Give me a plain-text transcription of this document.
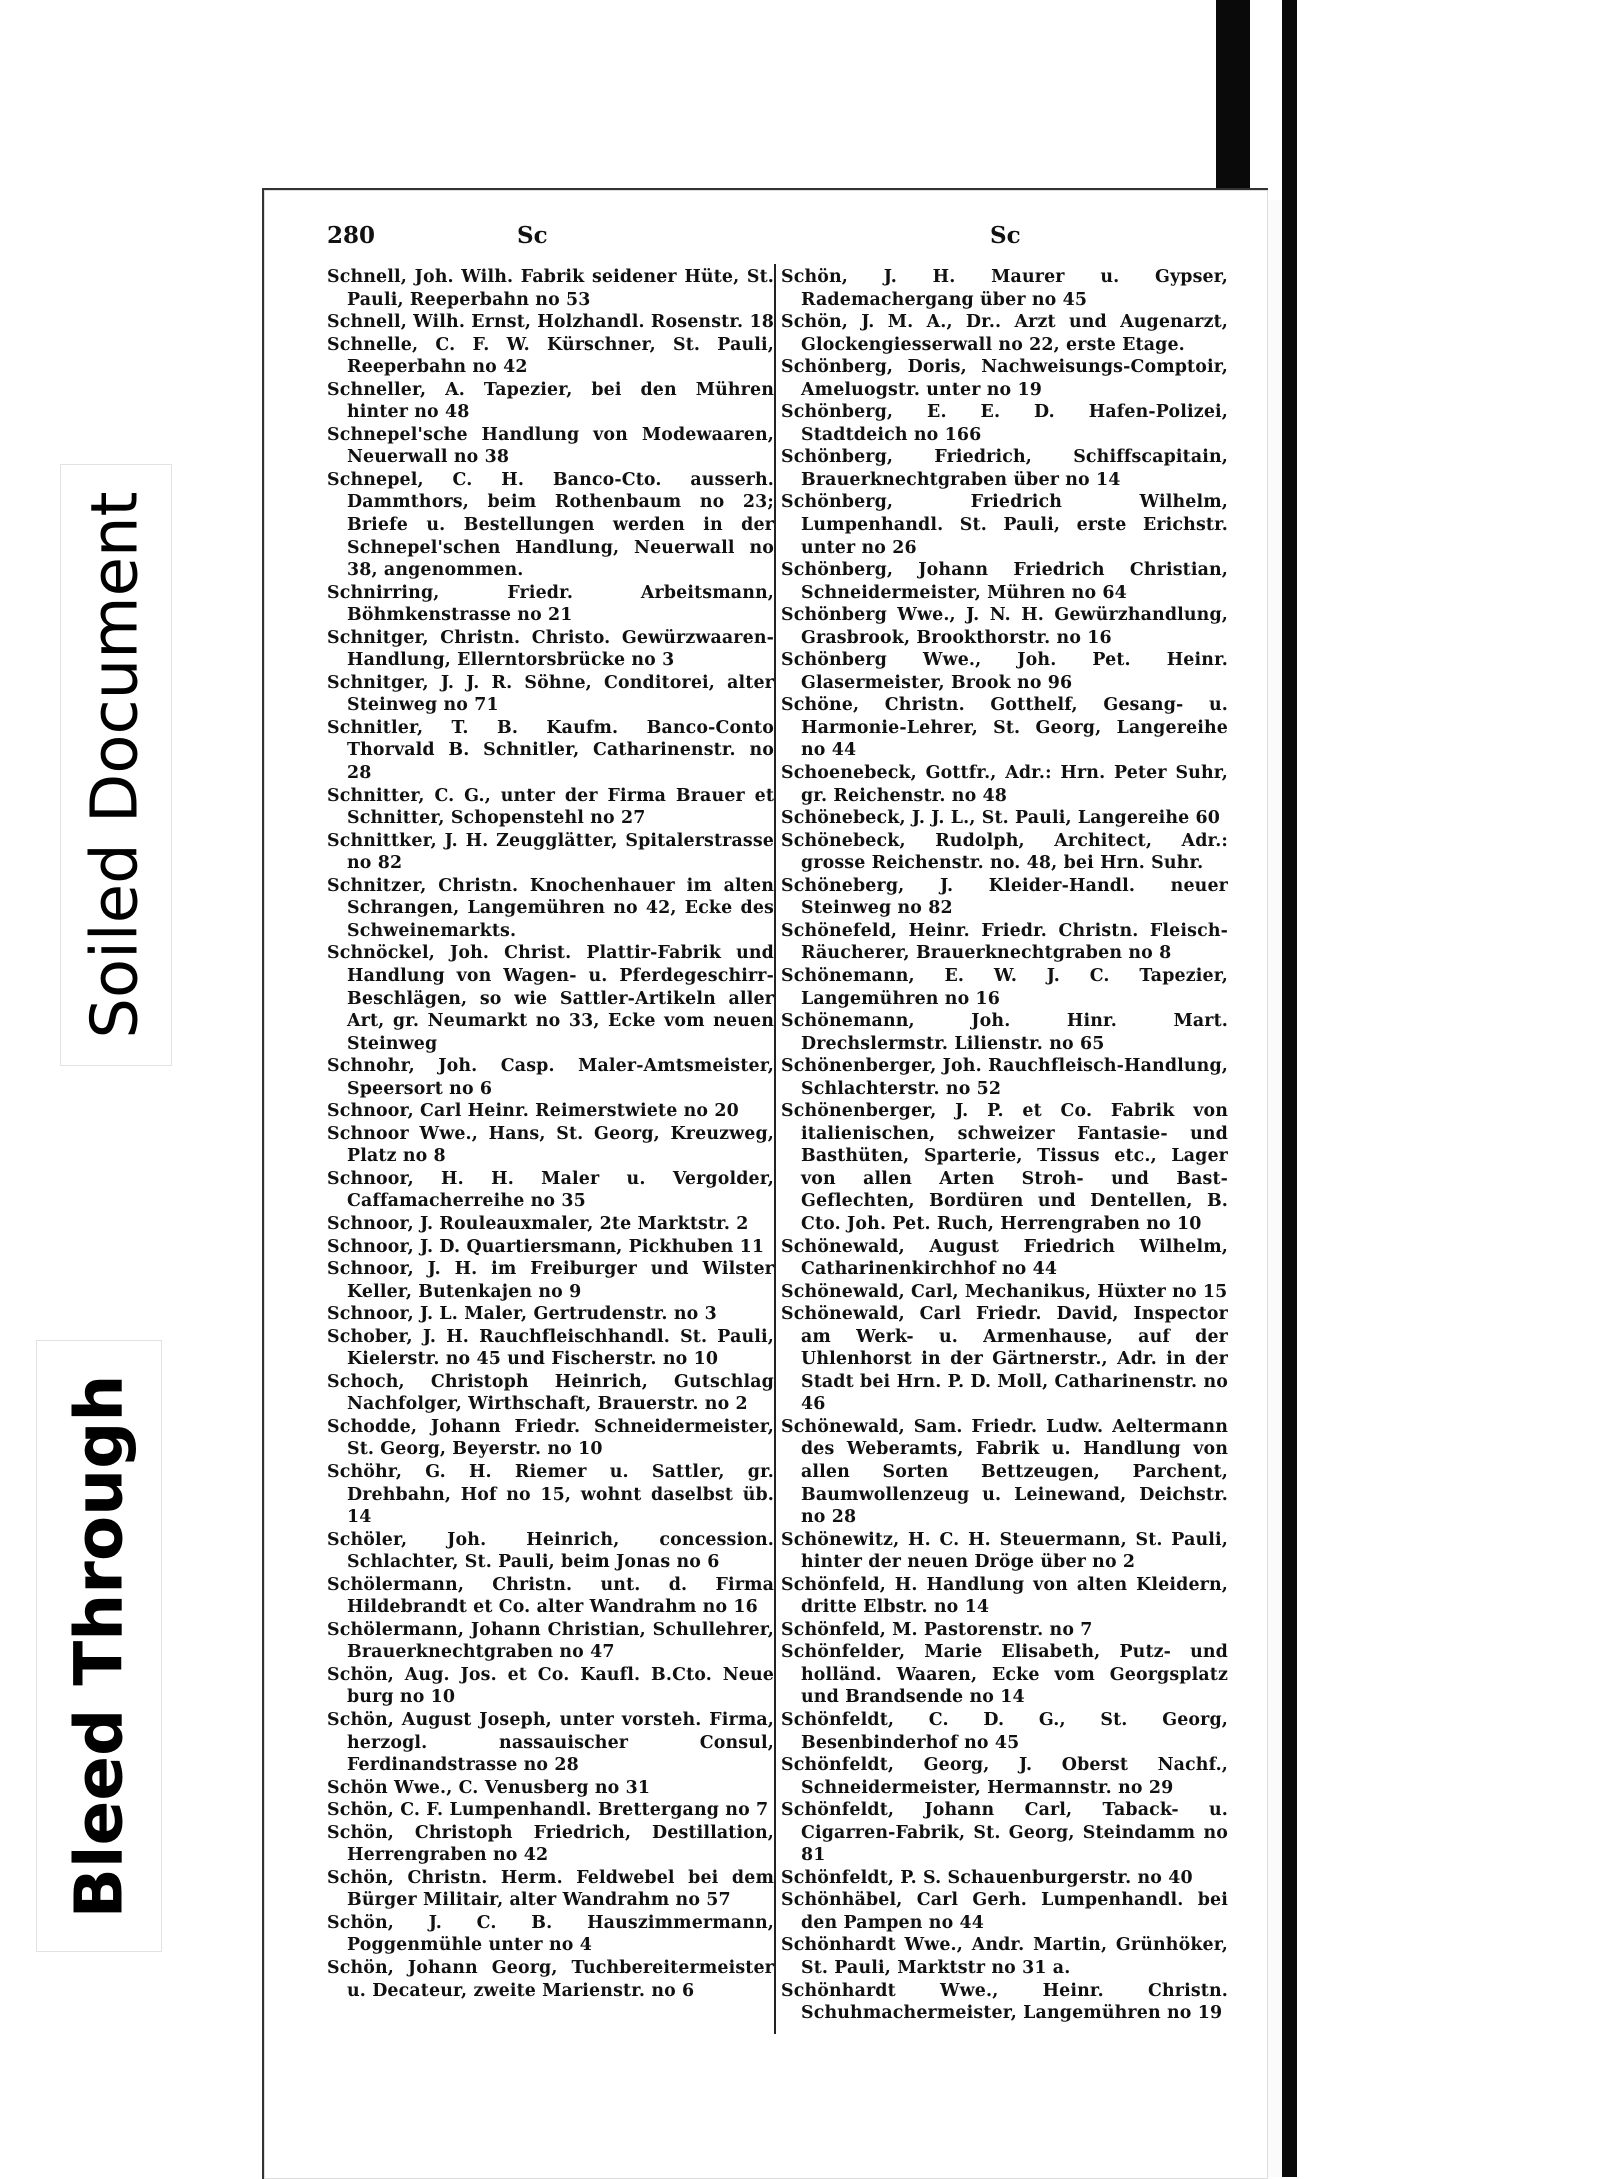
Soiled Document
Bleed Through
280	Sc	Sc

Schnell, Joh. Wilh. Fabrik seidener Hüte, St. Pauli, Reeperbahn no 53

Schnell, Wilh. Ernst, Holzhandl. Rosenstr. 18

Schnelle, C. F. W. Kürschner, St. Pauli, Reeperbahn no 42

Schneller, A. Tapezier, bei den Mühren hinter no 48

Schnepel'sche Handlung von Modewaaren, Neuerwall no 38

Schnepel, C. H. Banco-Cto. ausserh. Dammthors, beim Rothenbaum no 23; Briefe u. Bestellungen werden in der Schnepel'schen Handlung, Neuerwall no 38, angenommen.

Schnirring, Friedr. Arbeitsmann, Böhmkenstrasse no 21

Schnitger, Christn. Christo. Gewürzwaaren-Handlung, Ellerntorsbrücke no 3

Schnitger, J. J. R. Söhne, Conditorei, alter Steinweg no 71

Schnitler, T. B. Kaufm. Banco-Conto Thorvald B. Schnitler, Catharinenstr. no 28

Schnitter, C. G., unter der Firma Brauer et Schnitter, Schopenstehl no 27

Schnittker, J. H. Zeugglätter, Spitalerstrasse no 82

Schnitzer, Christn. Knochenhauer im alten Schrangen, Langemühren no 42, Ecke des Schweinemarkts.

Schnöckel, Joh. Christ. Plattir-Fabrik und Handlung von Wagen- u. Pferdegeschirr-Beschlägen, so wie Sattler-Artikeln aller Art, gr. Neumarkt no 33, Ecke vom neuen Steinweg

Schnohr, Joh. Casp. Maler-Amtsmeister, Speersort no 6

Schnoor, Carl Heinr. Reimerstwiete no 20

Schnoor Wwe., Hans, St. Georg, Kreuzweg, Platz no 8

Schnoor, H. H. Maler u. Vergolder, Caffamacherreihe no 35

Schnoor, J. Rouleauxmaler, 2te Marktstr. 2

Schnoor, J. D. Quartiersmann, Pickhuben 11

Schnoor, J. H. im Freiburger und Wilster Keller, Butenkajen no 9

Schnoor, J. L. Maler, Gertrudenstr. no 3

Schober, J. H. Rauchfleischhandl. St. Pauli, Kielerstr. no 45 und Fischerstr. no 10

Schoch, Christoph Heinrich, Gutschlag Nachfolger, Wirthschaft, Brauerstr. no 2

Schodde, Johann Friedr. Schneidermeister, St. Georg, Beyerstr. no 10

Schöhr, G. H. Riemer u. Sattler, gr. Drehbahn, Hof no 15, wohnt daselbst üb. 14

Schöler, Joh. Heinrich, concession. Schlachter, St. Pauli, beim Jonas no 6

Schölermann, Christn. unt. d. Firma Hildebrandt et Co. alter Wandrahm no 16

Schölermann, Johann Christian, Schullehrer, Brauerknechtgraben no 47

Schön, Aug. Jos. et Co. Kaufl. B.Cto. Neue burg no 10

Schön, August Joseph, unter vorsteh. Firma, herzogl. nassauischer Consul, Ferdinandstrasse no 28

Schön Wwe., C. Venusberg no 31

Schön, C. F. Lumpenhandl. Brettergang no 7

Schön, Christoph Friedrich, Destillation, Herrengraben no 42

Schön, Christn. Herm. Feldwebel bei dem Bürger Militair, alter Wandrahm no 57

Schön, J. C. B. Hauszimmermann, Poggenmühle unter no 4

Schön, Johann Georg, Tuchbereitermeister u. Decateur, zweite Marienstr. no 6

Schön, J. H. Maurer u. Gypser, Rademachergang über no 45

Schön, J. M. A., Dr.. Arzt und Augenarzt, Glockengiesserwall no 22, erste Etage.

Schönberg, Doris, Nachweisungs-Comptoir, Ameluogstr. unter no 19

Schönberg, E. E. D. Hafen-Polizei, Stadtdeich no 166

Schönberg, Friedrich, Schiffscapitain, Brauerknechtgraben über no 14

Schönberg, Friedrich Wilhelm, Lumpenhandl. St. Pauli, erste Erichstr. unter no 26

Schönberg, Johann Friedrich Christian, Schneidermeister, Mühren no 64

Schönberg Wwe., J. N. H. Gewürzhandlung, Grasbrook, Brookthorstr. no 16

Schönberg Wwe., Joh. Pet. Heinr. Glasermeister, Brook no 96

Schöne, Christn. Gotthelf, Gesang- u. Harmonie-Lehrer, St. Georg, Langereihe no 44

Schoenebeck, Gottfr., Adr.: Hrn. Peter Suhr, gr. Reichenstr. no 48

Schönebeck, J. J. L., St. Pauli, Langereihe 60

Schönebeck, Rudolph, Architect, Adr.: grosse Reichenstr. no. 48, bei Hrn. Suhr.

Schöneberg, J. Kleider-Handl. neuer Steinweg no 82

Schönefeld, Heinr. Friedr. Christn. Fleisch-Räucherer, Brauerknechtgraben no 8

Schönemann, E. W. J. C. Tapezier, Langemühren no 16

Schönemann, Joh. Hinr. Mart. Drechslermstr. Lilienstr. no 65

Schönenberger, Joh. Rauchfleisch-Handlung, Schlachterstr. no 52

Schönenberger, J. P. et Co. Fabrik von italienischen, schweizer Fantasie- und Basthüten, Sparterie, Tissus etc., Lager von allen Arten Stroh- und Bast-Geflechten, Bordüren und Dentellen, B. Cto. Joh. Pet. Ruch, Herrengraben no 10

Schönewald, August Friedrich Wilhelm, Catharinenkirchhof no 44

Schönewald, Carl, Mechanikus, Hüxter no 15

Schönewald, Carl Friedr. David, Inspector am Werk- u. Armenhause, auf der Uhlenhorst in der Gärtnerstr., Adr. in der Stadt bei Hrn. P. D. Moll, Catharinenstr. no 46

Schönewald, Sam. Friedr. Ludw. Aeltermann des Weberamts, Fabrik u. Handlung von allen Sorten Bettzeugen, Parchent, Baumwollenzeug u. Leinewand, Deichstr. no 28

Schönewitz, H. C. H. Steuermann, St. Pauli, hinter der neuen Dröge über no 2

Schönfeld, H. Handlung von alten Kleidern, dritte Elbstr. no 14

Schönfeld, M. Pastorenstr. no 7

Schönfelder, Marie Elisabeth, Putz- und holländ. Waaren, Ecke vom Georgsplatz und Brandsende no 14

Schönfeldt, C. D. G., St. Georg, Besenbinderhof no 45

Schönfeldt, Georg, J. Oberst Nachf., Schneidermeister, Hermannstr. no 29

Schönfeldt, Johann Carl, Taback- u. Cigarren-Fabrik, St. Georg, Steindamm no 81

Schönfeldt, P. S. Schauenburgerstr. no 40

Schönhäbel, Carl Gerh. Lumpenhandl. bei den Pampen no 44

Schönhardt Wwe., Andr. Martin, Grünhöker, St. Pauli, Marktstr no 31 a.

Schönhardt Wwe., Heinr. Christn. Schuhmachermeister, Langemühren no 19
